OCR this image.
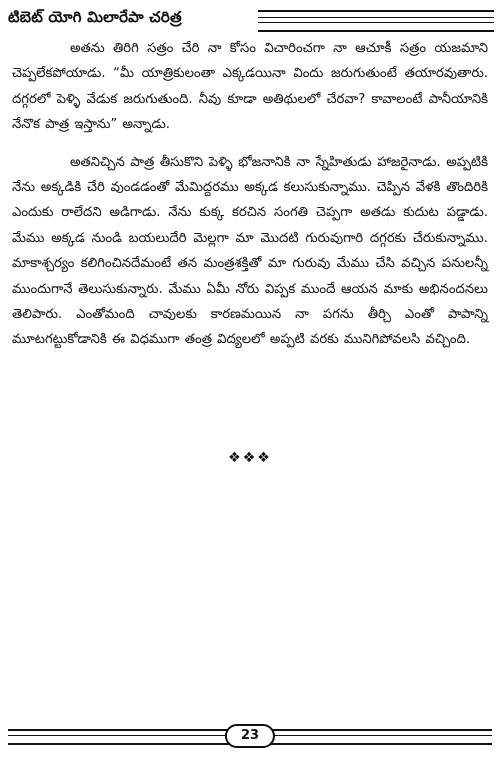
టిబెట్ యోగి మిలారేపా చరిత్ర

అతను తిరిగి సత్రం చేరి నా కోసం విచారించగా నా ఆచూకీ సత్రం యజమాని చెప్పలేకపోయాడు. “మీ యాత్రికులంతా ఎక్కడయినా విందు జరుగుతుంటే తయారవుతారు. దగ్గరలో పెళ్ళి వేడుక జరుగుతుంది. నీవు కూడా అతిథులలో చేరవా? కావాలంటే పానీయానికి నేనొక పాత్ర ఇస్తాను” అన్నాడు.

అతనిచ్చిన పాత్ర తీసుకొని పెళ్ళి భోజనానికి నా స్నేహితుడు హాజరైనాడు. అప్పటికి నేను అక్కడికి చేరి వుండడంతో మేమిద్దరము అక్కడ కలుసుకున్నాము. చెప్పిన వేళకి తొందిరికి ఎందుకు రాలేదని అడిగాడు. నేను కుక్క కరచిన సంగతి చెప్పగా అతడు కుదుట పడ్డాడు. మేము అక్కడ నుండి బయలుదేరి మెల్లగా మా మొదటి గురువుగారి దగ్గరకు చేరుకున్నాము. మాకాశ్చర్యం కలిగించినదేమంటే తన మంత్రశక్తితో మా గురువు మేము చేసి వచ్చిన పనులన్నీ ముందుగానే తెలుసుకున్నారు. మేము ఏమీ నోరు విప్పక ముందే ఆయన మాకు అభినందనలు తెలిపారు. ఎంతోమంది చావులకు కారణమయిన నా పగను తీర్చి ఎంతో పాపాన్ని మూటగట్టుకోడానికి ఈ విధముగా తంత్ర విద్యలలో అప్పటి వరకు మునిగిపోవలసి వచ్చింది.

❖❖❖
23
